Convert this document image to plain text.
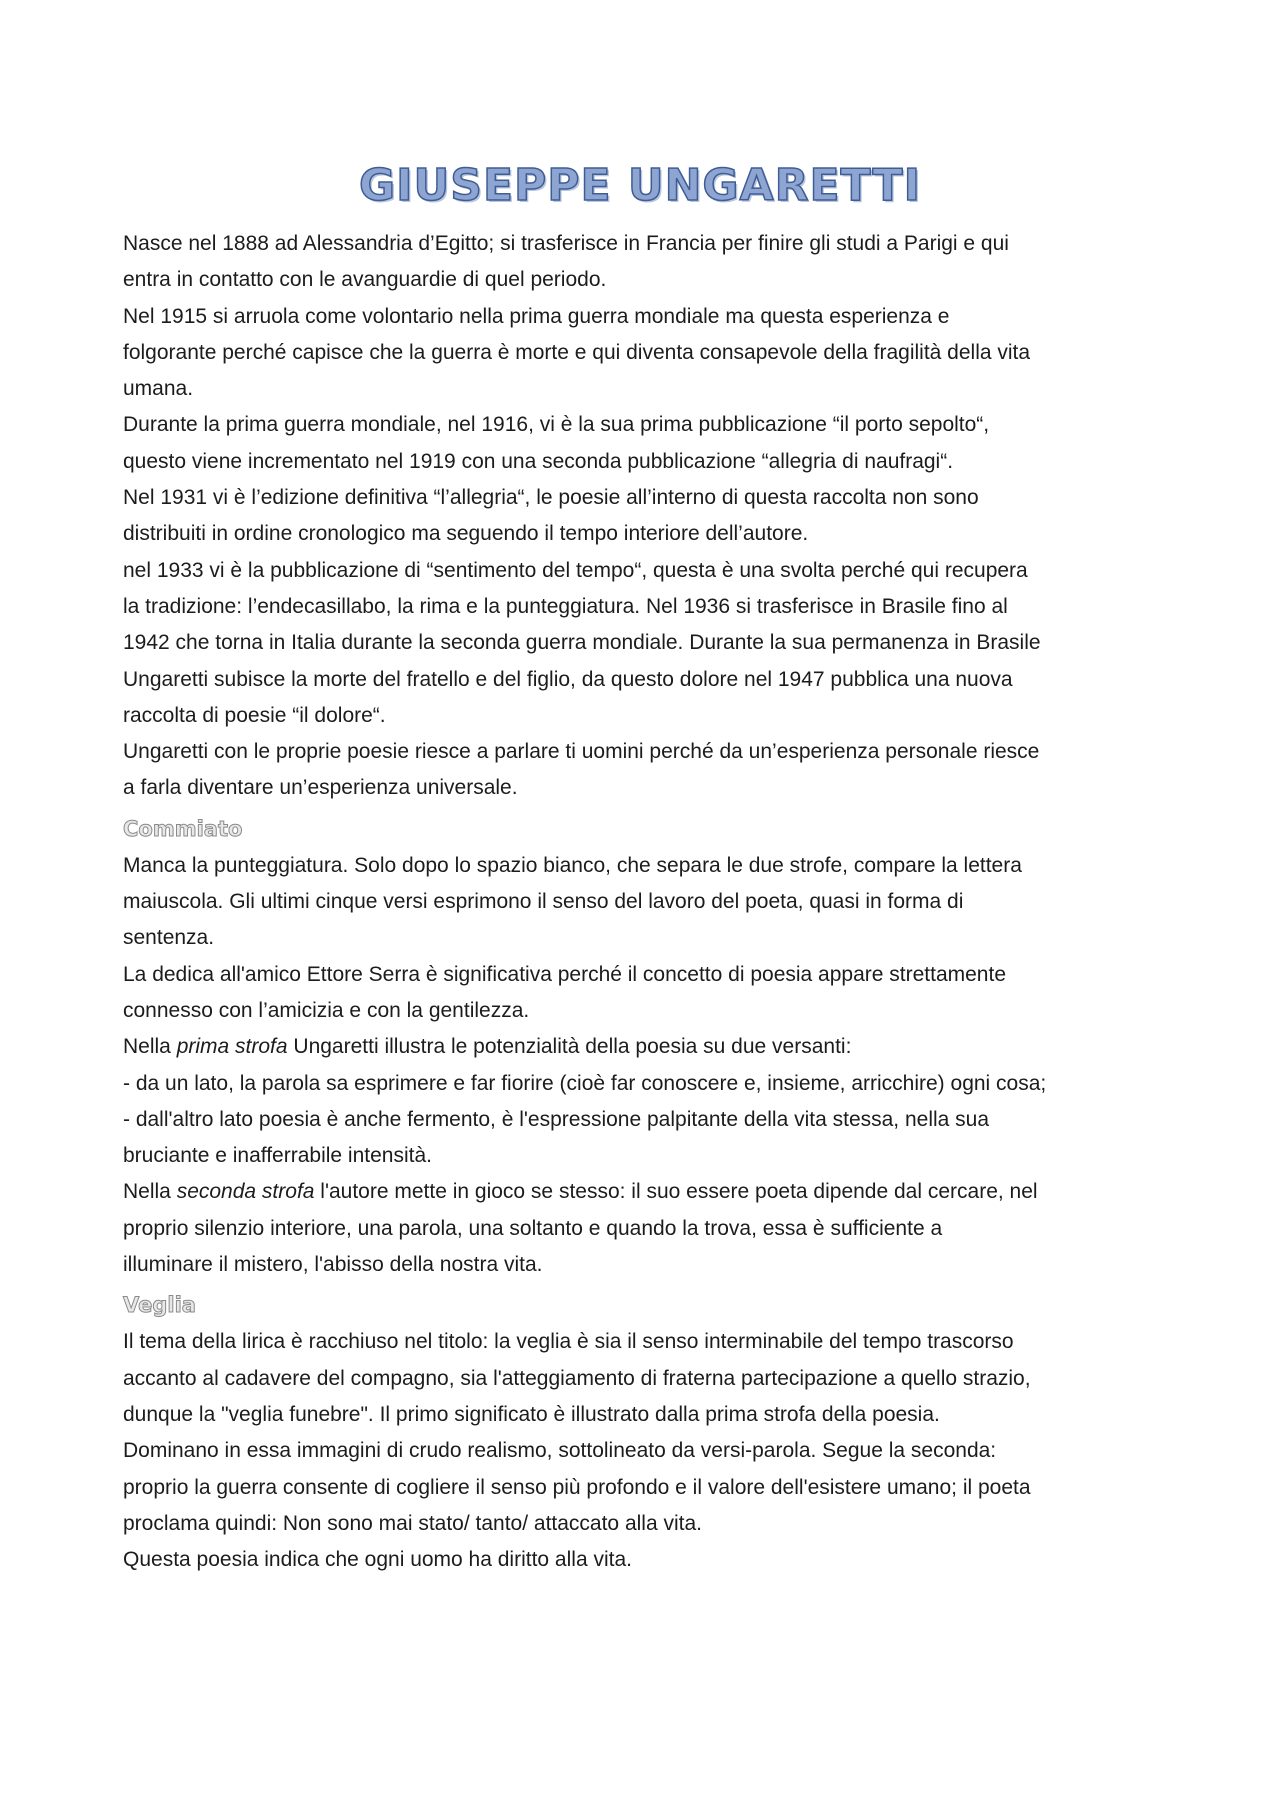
GIUSEPPE UNGARETTI

Nasce nel 1888 ad Alessandria d’Egitto; si trasferisce in Francia per finire gli studi a Parigi e qui

entra in contatto con le avanguardie di quel periodo.

Nel 1915 si arruola come volontario nella prima guerra mondiale ma questa esperienza e

folgorante perché capisce che la guerra è morte e qui diventa consapevole della fragilità della vita

umana.

Durante la prima guerra mondiale, nel 1916, vi è la sua prima pubblicazione “il porto sepolto“,

questo viene incrementato nel 1919 con una seconda pubblicazione “allegria di naufragi“.

Nel 1931 vi è l’edizione definitiva “l’allegria“, le poesie all’interno di questa raccolta non sono

distribuiti in ordine cronologico ma seguendo il tempo interiore dell’autore.

nel 1933 vi è la pubblicazione di “sentimento del tempo“, questa è una svolta perché qui recupera

la tradizione: l’endecasillabo, la rima e la punteggiatura. Nel 1936 si trasferisce in Brasile fino al

1942 che torna in Italia durante la seconda guerra mondiale. Durante la sua permanenza in Brasile

Ungaretti subisce la morte del fratello e del figlio, da questo dolore nel 1947 pubblica una nuova

raccolta di poesie “il dolore“.

Ungaretti con le proprie poesie riesce a parlare ti uomini perché da un’esperienza personale riesce

a farla diventare un’esperienza universale.

Commiato

Manca la punteggiatura. Solo dopo lo spazio bianco, che separa le due strofe, compare la lettera

maiuscola. Gli ultimi cinque versi esprimono il senso del lavoro del poeta, quasi in forma di

sentenza.

La dedica all'amico Ettore Serra è significativa perché il concetto di poesia appare strettamente

connesso con l’amicizia e con la gentilezza.

Nella prima strofa Ungaretti illustra le potenzialità della poesia su due versanti:

- da un lato, la parola sa esprimere e far fiorire (cioè far conoscere e, insieme, arricchire) ogni cosa;

- dall'altro lato poesia è anche fermento, è l'espressione palpitante della vita stessa, nella sua

bruciante e inafferrabile intensità.

Nella seconda strofa l'autore mette in gioco se stesso: il suo essere poeta dipende dal cercare, nel

proprio silenzio interiore, una parola, una soltanto e quando la trova, essa è sufficiente a

illuminare il mistero, l'abisso della nostra vita.

Veglia

Il tema della lirica è racchiuso nel titolo: la veglia è sia il senso interminabile del tempo trascorso

accanto al cadavere del compagno, sia l'atteggiamento di fraterna partecipazione a quello strazio,

dunque la "veglia funebre". Il primo significato è illustrato dalla prima strofa della poesia.

Dominano in essa immagini di crudo realismo, sottolineato da versi-parola. Segue la seconda:

proprio la guerra consente di cogliere il senso più profondo e il valore dell'esistere umano; il poeta

proclama quindi: Non sono mai stato/ tanto/ attaccato alla vita.

Questa poesia indica che ogni uomo ha diritto alla vita.
